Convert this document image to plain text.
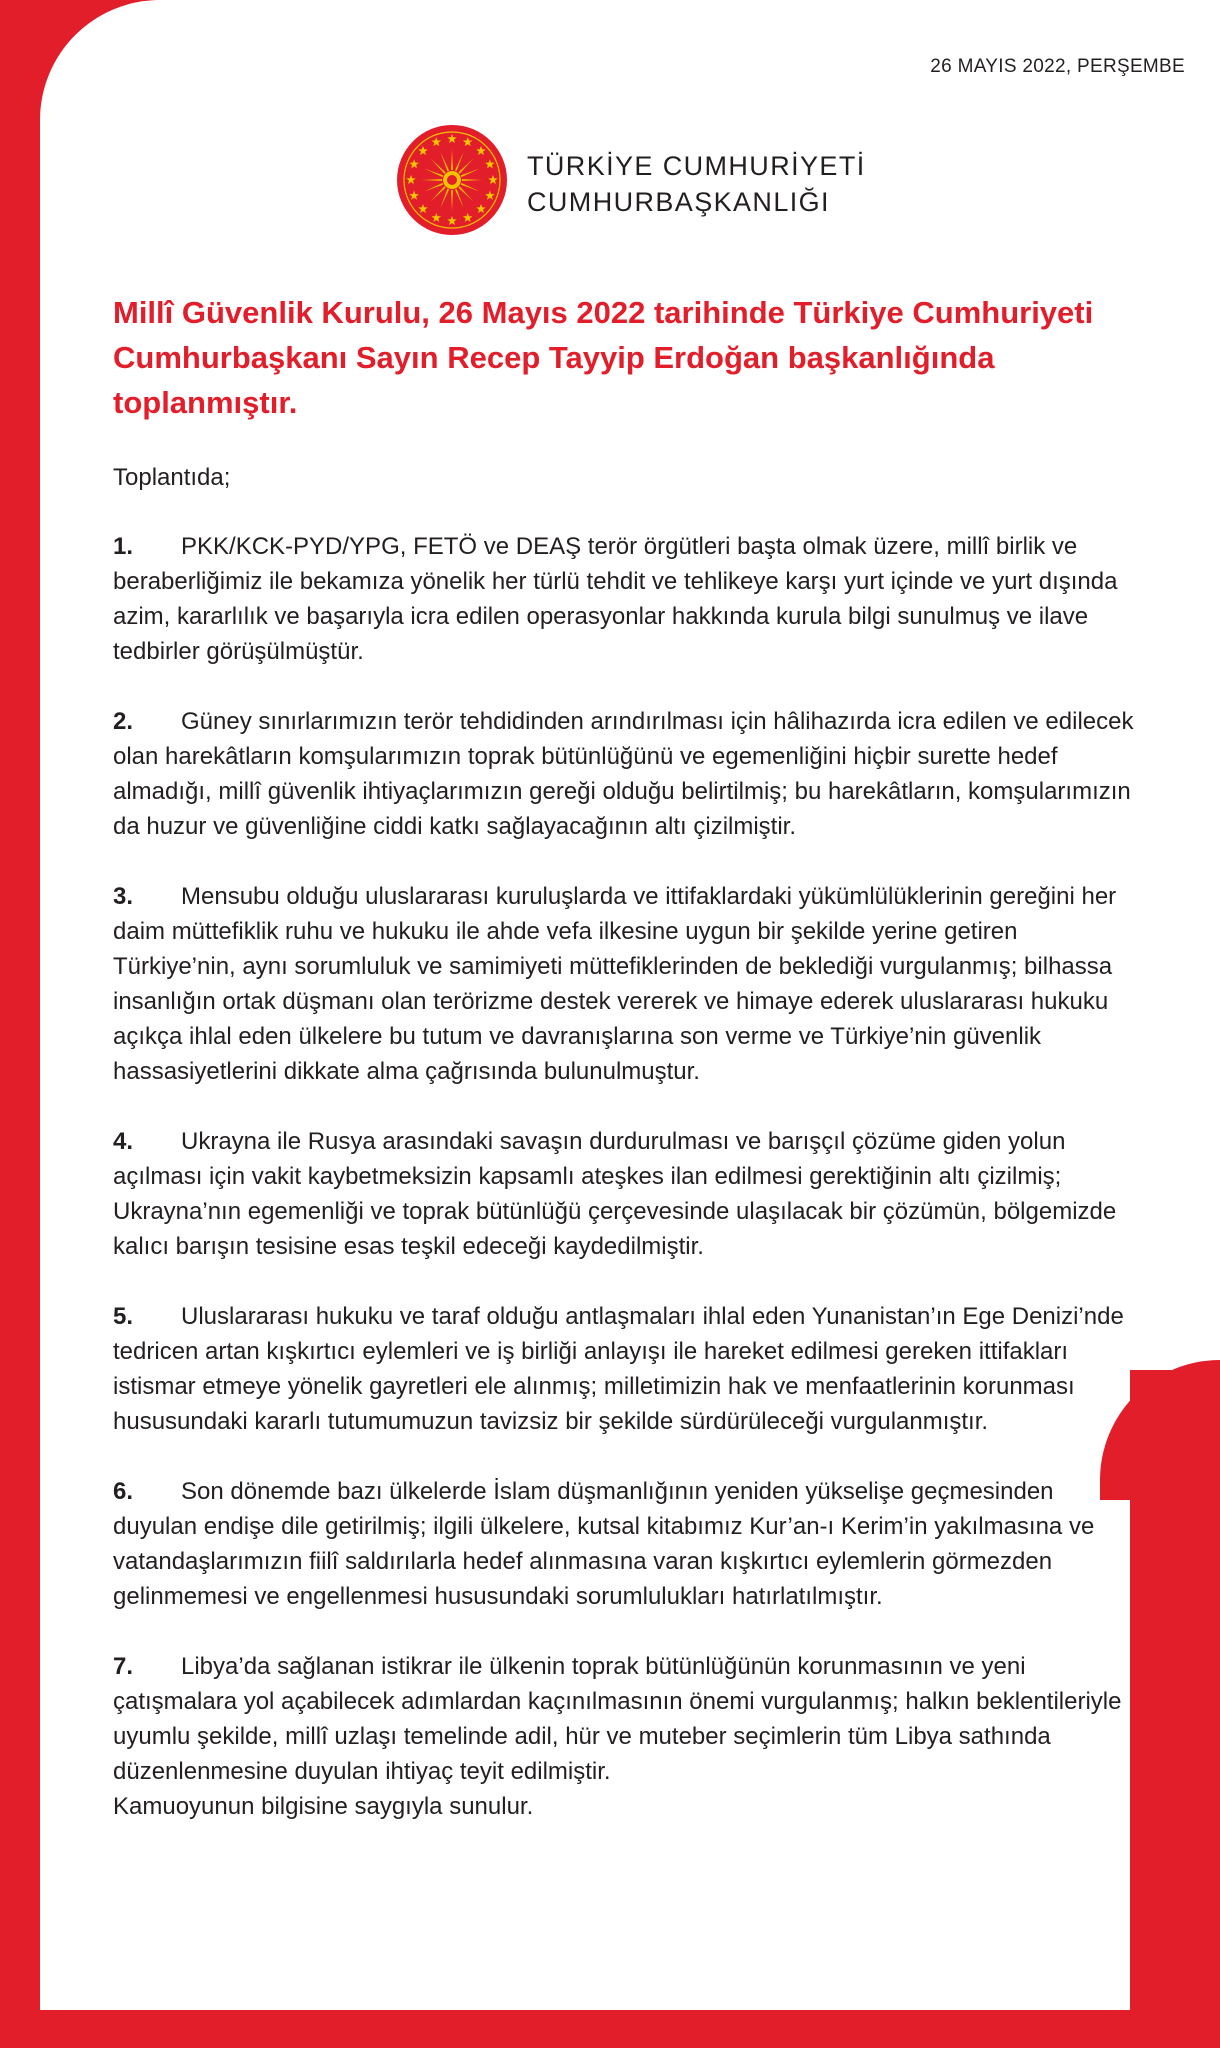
26 MAYIS 2022, PERŞEMBE
TÜRKİYE CUMHURİYETİ
CUMHURBAŞKANLIĞI
Millî Güvenlik Kurulu, 26 Mayıs 2022 tarihinde Türkiye Cumhuriyeti Cumhurbaşkanı Sayın Recep Tayyip Erdoğan başkanlığında toplanmıştır.

Toplantıda;

1. PKK/KCK-PYD/YPG, FETÖ ve DEAŞ terör örgütleri başta olmak üzere, millî birlik ve beraberliğimiz ile bekamıza yönelik her türlü tehdit ve tehlikeye karşı yurt içinde ve yurt dışında azim, kararlılık ve başarıyla icra edilen operasyonlar hakkında kurula bilgi sunulmuş ve ilave tedbirler görüşülmüştür.

2. Güney sınırlarımızın terör tehdidinden arındırılması için hâlihazırda icra edilen ve edilecek olan harekâtların komşularımızın toprak bütünlüğünü ve egemenliğini hiçbir surette hedef almadığı, millî güvenlik ihtiyaçlarımızın gereği olduğu belirtilmiş; bu harekâtların, komşularımızın da huzur ve güvenliğine ciddi katkı sağlayacağının altı çizilmiştir.

3. Mensubu olduğu uluslararası kuruluşlarda ve ittifaklardaki yükümlülüklerinin gereğini her daim müttefiklik ruhu ve hukuku ile ahde vefa ilkesine uygun bir şekilde yerine getiren Türkiye’nin, aynı sorumluluk ve samimiyeti müttefiklerinden de beklediği vurgulanmış; bilhassa insanlığın ortak düşmanı olan terörizme destek vererek ve himaye ederek uluslararası hukuku açıkça ihlal eden ülkelere bu tutum ve davranışlarına son verme ve Türkiye’nin güvenlik hassasiyetlerini dikkate alma çağrısında bulunulmuştur.

4. Ukrayna ile Rusya arasındaki savaşın durdurulması ve barışçıl çözüme giden yolun açılması için vakit kaybetmeksizin kapsamlı ateşkes ilan edilmesi gerektiğinin altı çizilmiş; Ukrayna’nın egemenliği ve toprak bütünlüğü çerçevesinde ulaşılacak bir çözümün, bölgemizde kalıcı barışın tesisine esas teşkil edeceği kaydedilmiştir.

5. Uluslararası hukuku ve taraf olduğu antlaşmaları ihlal eden Yunanistan’ın Ege Denizi’nde tedricen artan kışkırtıcı eylemleri ve iş birliği anlayışı ile hareket edilmesi gereken ittifakları istismar etmeye yönelik gayretleri ele alınmış; milletimizin hak ve menfaatlerinin korunması hususundaki kararlı tutumumuzun tavizsiz bir şekilde sürdürüleceği vurgulanmıştır.

6. Son dönemde bazı ülkelerde İslam düşmanlığının yeniden yükselişe geçmesinden duyulan endişe dile getirilmiş; ilgili ülkelere, kutsal kitabımız Kur’an-ı Kerim’in yakılmasına ve vatandaşlarımızın fiilî saldırılarla hedef alınmasına varan kışkırtıcı eylemlerin görmezden gelinmemesi ve engellenmesi hususundaki sorumlulukları hatırlatılmıştır.

7. Libya’da sağlanan istikrar ile ülkenin toprak bütünlüğünün korunmasının ve yeni çatışmalara yol açabilecek adımlardan kaçınılmasının önemi vurgulanmış; halkın beklentileriyle uyumlu şekilde, millî uzlaşı temelinde adil, hür ve muteber seçimlerin tüm Libya sathında düzenlenmesine duyulan ihtiyaç teyit edilmiştir.

Kamuoyunun bilgisine saygıyla sunulur.
